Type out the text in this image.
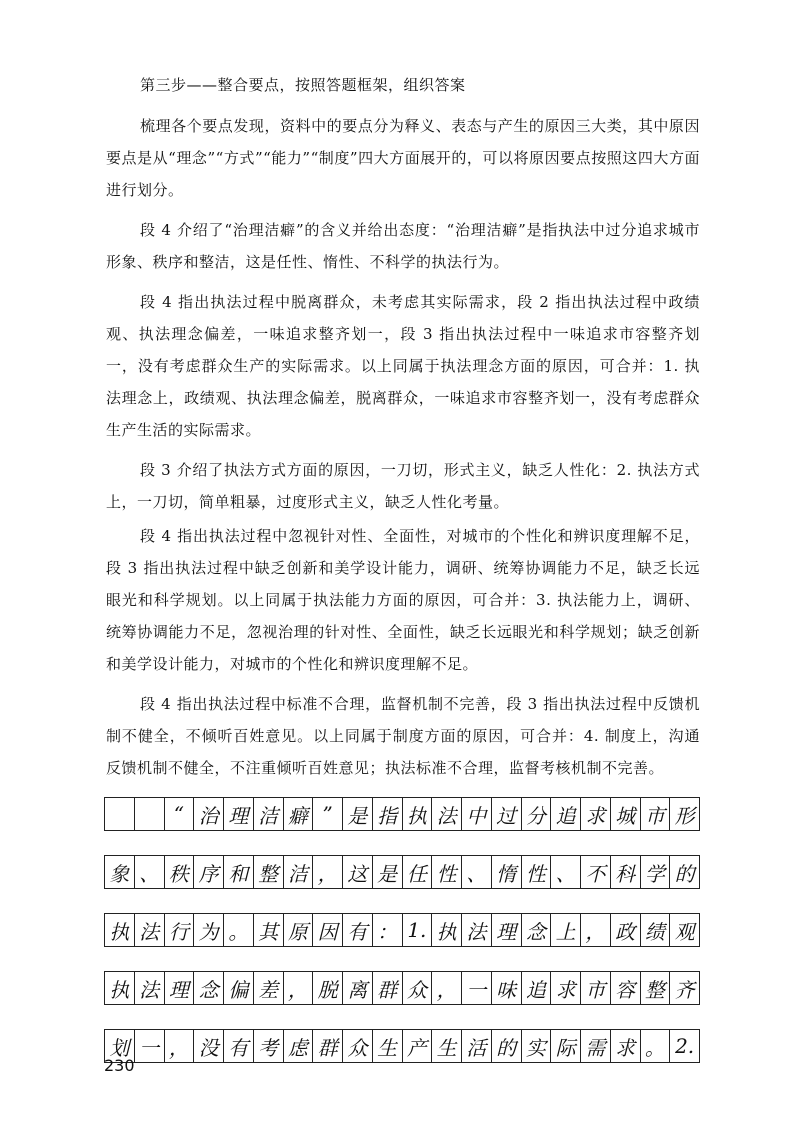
第三步——整合要点，按照答题框架，组织答案

梳理各个要点发现，资料中的要点分为释义、表态与产生的原因三大类，其中原因要点是从“理念”“方式”“能力”“制度”四大方面展开的，可以将原因要点按照这四大方面进行划分。

段 4 介绍了“治理洁癖”的含义并给出态度：“治理洁癖”是指执法中过分追求城市形象、秩序和整洁，这是任性、惰性、不科学的执法行为。

段 4 指出执法过程中脱离群众，未考虑其实际需求，段 2 指出执法过程中政绩观、执法理念偏差，一味追求整齐划一，段 3 指出执法过程中一味追求市容整齐划一，没有考虑群众生产的实际需求。以上同属于执法理念方面的原因，可合并：1. 执法理念上，政绩观、执法理念偏差，脱离群众，一味追求市容整齐划一，没有考虑群众生产生活的实际需求。

段 3 介绍了执法方式方面的原因，一刀切，形式主义，缺乏人性化：2. 执法方式上，一刀切，简单粗暴，过度形式主义，缺乏人性化考量。

段 4 指出执法过程中忽视针对性、全面性，对城市的个性化和辨识度理解不足，段 3 指出执法过程中缺乏创新和美学设计能力，调研、统筹协调能力不足，缺乏长远眼光和科学规划。以上同属于执法能力方面的原因，可合并：3. 执法能力上，调研、统筹协调能力不足，忽视治理的针对性、全面性，缺乏长远眼光和科学规划；缺乏创新和美学设计能力，对城市的个性化和辨识度理解不足。

段 4 指出执法过程中标准不合理，监督机制不完善，段 3 指出执法过程中反馈机制不健全，不倾听百姓意见。以上同属于制度方面的原因，可合并：4. 制度上，沟通反馈机制不健全，不注重倾听百姓意见；执法标准不合理，监督考核机制不完善。

“ 治 理 洁 癖 ” 是 指 执 法 中 过 分 追 求 城 市 形
象 、 秩 序 和 整 洁 ， 这 是 任 性 、 惰 性 、 不 科 学 的
执 法 行 为 。 其 原 因 有 ： 1. 执 法 理 念 上 ， 政 绩 观
执 法 理 念 偏 差 ， 脱 离 群 众 ， 一 味 追 求 市 容 整 齐
划 一 ， 没 有 考 虑 群 众 生 产 生 活 的 实 际 需 求 。 2.
230
